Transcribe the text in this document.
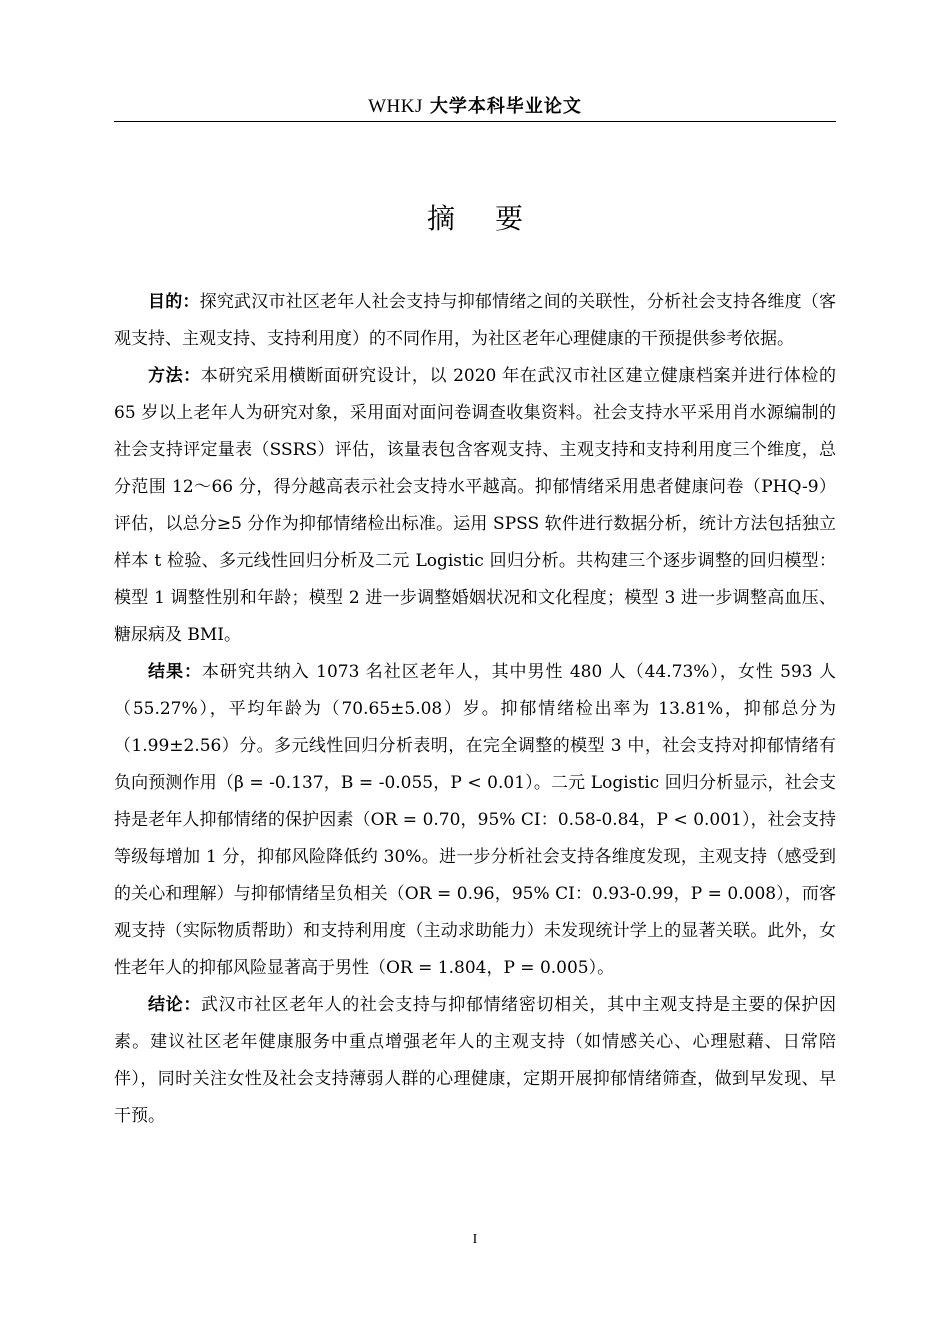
WHKJ 大学本科毕业论文
摘要

目的：探究武汉市社区老年人社会支持与抑郁情绪之间的关联性，分析社会支持各维度（客观支持、主观支持、支持利用度）的不同作用，为社区老年心理健康的干预提供参考依据。

方法：本研究采用横断面研究设计，以 2020 年在武汉市社区建立健康档案并进行体检的 65 岁以上老年人为研究对象，采用面对面问卷调查收集资料。社会支持水平采用肖水源编制的社会支持评定量表（SSRS）评估，该量表包含客观支持、主观支持和支持利用度三个维度，总分范围 12～66 分，得分越高表示社会支持水平越高。抑郁情绪采用患者健康问卷（PHQ-9）评估，以总分≥5 分作为抑郁情绪检出标准。运用 SPSS 软件进行数据分析，统计方法包括独立样本 t 检验、多元线性回归分析及二元 Logistic 回归分析。共构建三个逐步调整的回归模型：模型 1 调整性别和年龄；模型 2 进一步调整婚姻状况和文化程度；模型 3 进一步调整高血压、糖尿病及 BMI。

结果：本研究共纳入 1073 名社区老年人，其中男性 480 人（44.73%），女性 593 人（55.27%），平均年龄为（70.65±5.08）岁。抑郁情绪检出率为 13.81%，抑郁总分为（1.99±2.56）分。多元线性回归分析表明，在完全调整的模型 3 中，社会支持对抑郁情绪有负向预测作用（β = -0.137，B = -0.055，P < 0.01）。二元 Logistic 回归分析显示，社会支持是老年人抑郁情绪的保护因素（OR = 0.70，95% CI：0.58-0.84，P < 0.001），社会支持等级每增加 1 分，抑郁风险降低约 30%。进一步分析社会支持各维度发现，主观支持（感受到的关心和理解）与抑郁情绪呈负相关（OR = 0.96，95% CI：0.93-0.99，P = 0.008），而客观支持（实际物质帮助）和支持利用度（主动求助能力）未发现统计学上的显著关联。此外，女性老年人的抑郁风险显著高于男性（OR = 1.804，P = 0.005）。

结论：武汉市社区老年人的社会支持与抑郁情绪密切相关，其中主观支持是主要的保护因素。建议社区老年健康服务中重点增强老年人的主观支持（如情感关心、心理慰藉、日常陪伴），同时关注女性及社会支持薄弱人群的心理健康，定期开展抑郁情绪筛查，做到早发现、早干预。

I
